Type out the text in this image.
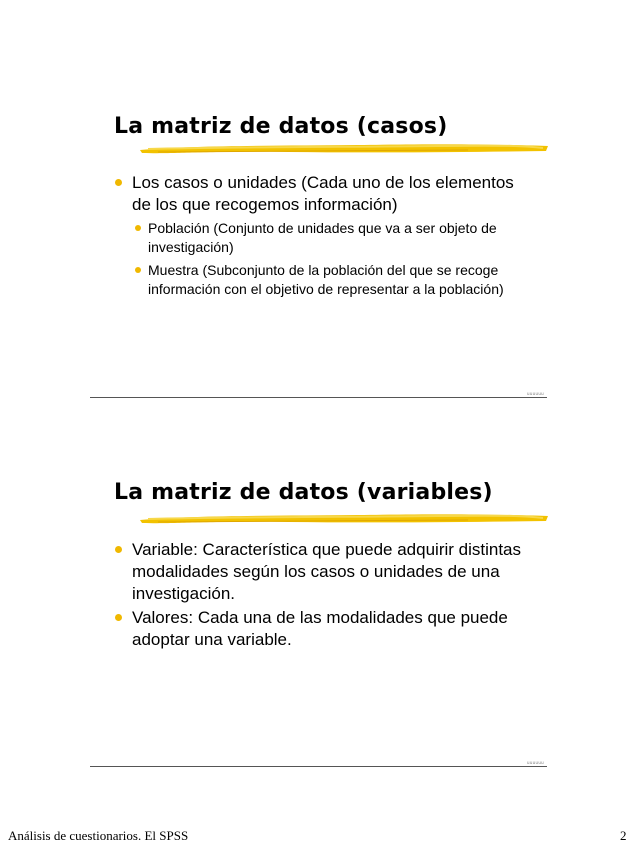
La matriz de datos (casos)
Los casos o unidades (Cada uno de los elementos de los que recogemos información)
Población (Conjunto de unidades que va a ser objeto de investigación)
Muestra (Subconjunto de la población del que se recoge información con el objetivo de representar a la población)
uuuuuu
La matriz de datos (variables)
Variable: Característica que puede adquirir distintas modalidades según los casos o unidades de una investigación.
Valores: Cada una de las modalidades que puede adoptar una variable.
uuuuuu
Análisis de cuestionarios. El SPSS	2
